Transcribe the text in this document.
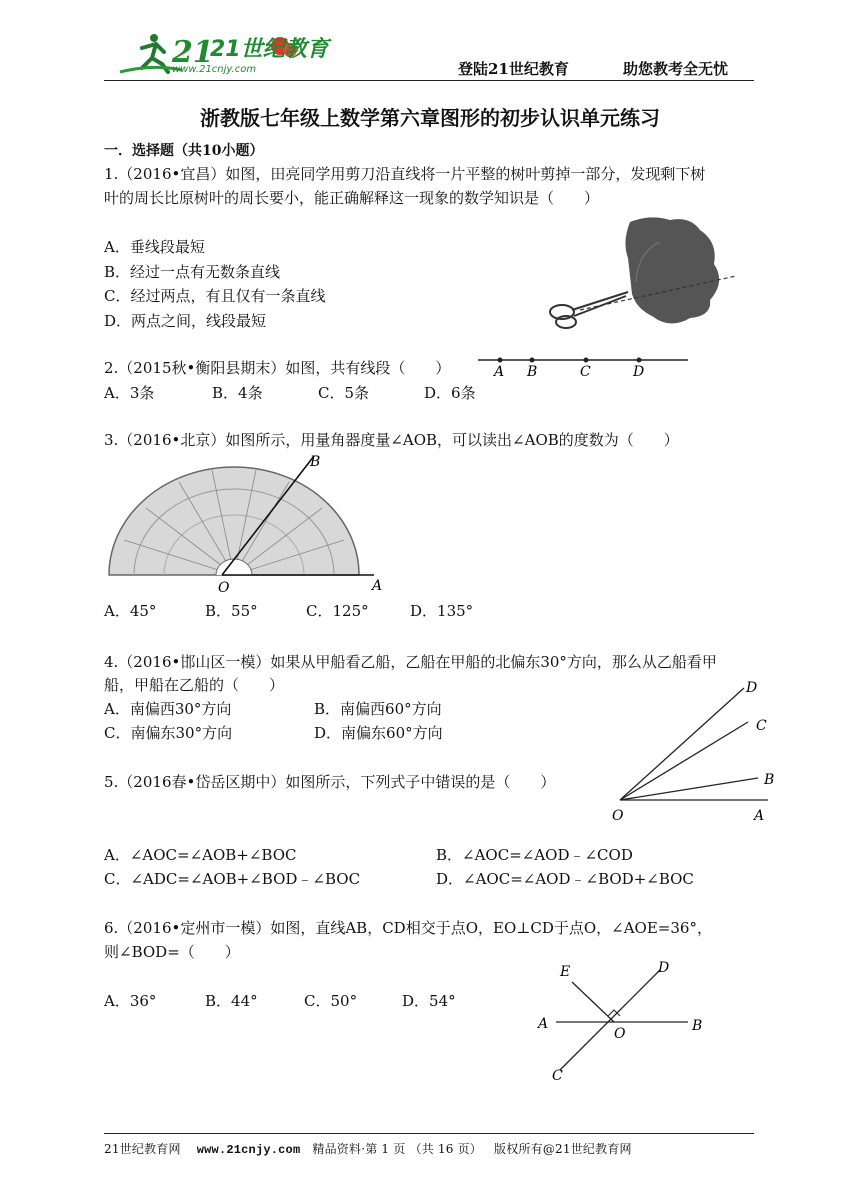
21
21世纪教育
www.21cnjy.com	登陆21世纪教育	助您教考全无忧
浙教版七年级上数学第六章图形的初步认识单元练习
一．选择题（共10小题）
1.（2016•宜昌）如图，田亮同学用剪刀沿直线将一片平整的树叶剪掉一部分，发现剩下树
叶的周长比原树叶的周长要小，能正确解释这一现象的数学知识是（　　）
A．垂线段最短
B．经过一点有无数条直线
C．经过两点，有且仅有一条直线
D．两点之间，线段最短
2.（2015秋•衡阳县期末）如图，共有线段（　　）
A．3条	B．4条	C．5条	D．6条
A B	C	D
3.（2016•北京）如图所示，用量角器度量∠AOB，可以读出∠AOB的度数为（　　）
B
O	A
A．45°	B．55°	C．125°	D．135°
4.（2016•邯山区一模）如果从甲船看乙船，乙船在甲船的北偏东30°方向，那么从乙船看甲
船，甲船在乙船的（　　）
A．南偏西30°方向	B．南偏西60°方向
C．南偏东30°方向	D．南偏东60°方向
5.（2016春•岱岳区期中）如图所示，下列式子中错误的是（　　）
D
C
B
O	A
A．∠AOC=∠AOB+∠BOC	B．∠AOC=∠AOD﹣∠COD
C．∠ADC=∠AOB+∠BOD﹣∠BOC	D．∠AOC=∠AOD﹣∠BOD+∠BOC
6.（2016•定州市一模）如图，直线AB，CD相交于点O，EO⊥CD于点O，∠AOE=36°，
则∠BOD=（　　）
A．36°	B．44°	C．50°	D．54°
E	D
A
O	B
C
21世纪教育网 www.21cnjy.com 精品资料·第 1 页 （共 16 页） 版权所有@21世纪教育网
